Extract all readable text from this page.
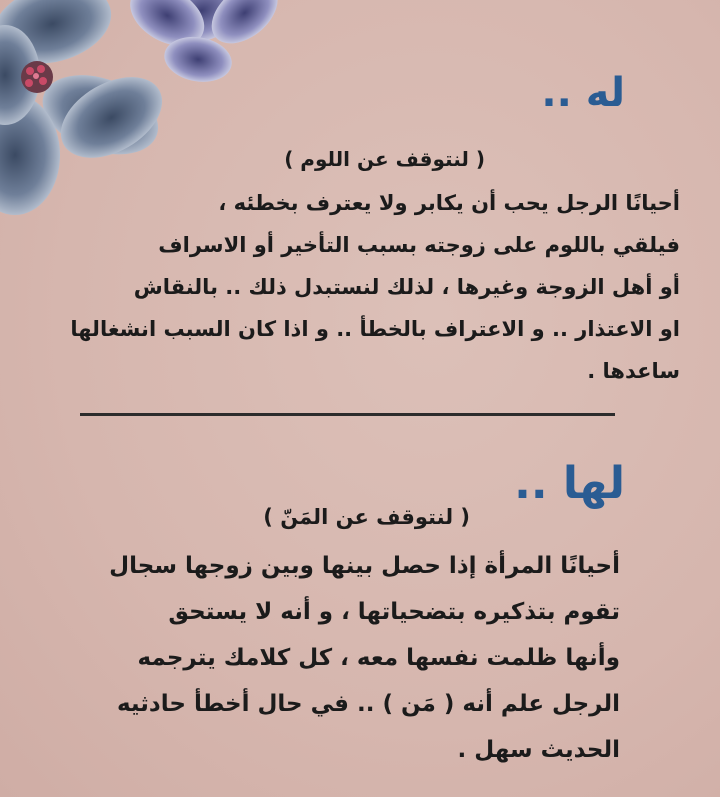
له ..
( لنتوقف عن اللوم )
أحيانًا الرجل يحب أن يكابر ولا يعترف بخطئه ،
فيلقي باللوم على زوجته بسبب التأخير أو الاسراف
أو أهل الزوجة وغيرها ، لذلك لنستبدل ذلك .. بالنقاش
او الاعتذار .. و الاعتراف بالخطأ .. و اذا كان السبب انشغالها
ساعدها .
لها ..
( لنتوقف عن المَنّ )
أحيانًا المرأة إذا حصل بينها وبين زوجها سجال
تقوم بتذكيره بتضحياتها ، و أنه لا يستحق
وأنها ظلمت نفسها معه ، كل كلامك يترجمه
الرجل علم أنه ( مَن ) .. في حال أخطأ حادثيه
الحديث سهل .
